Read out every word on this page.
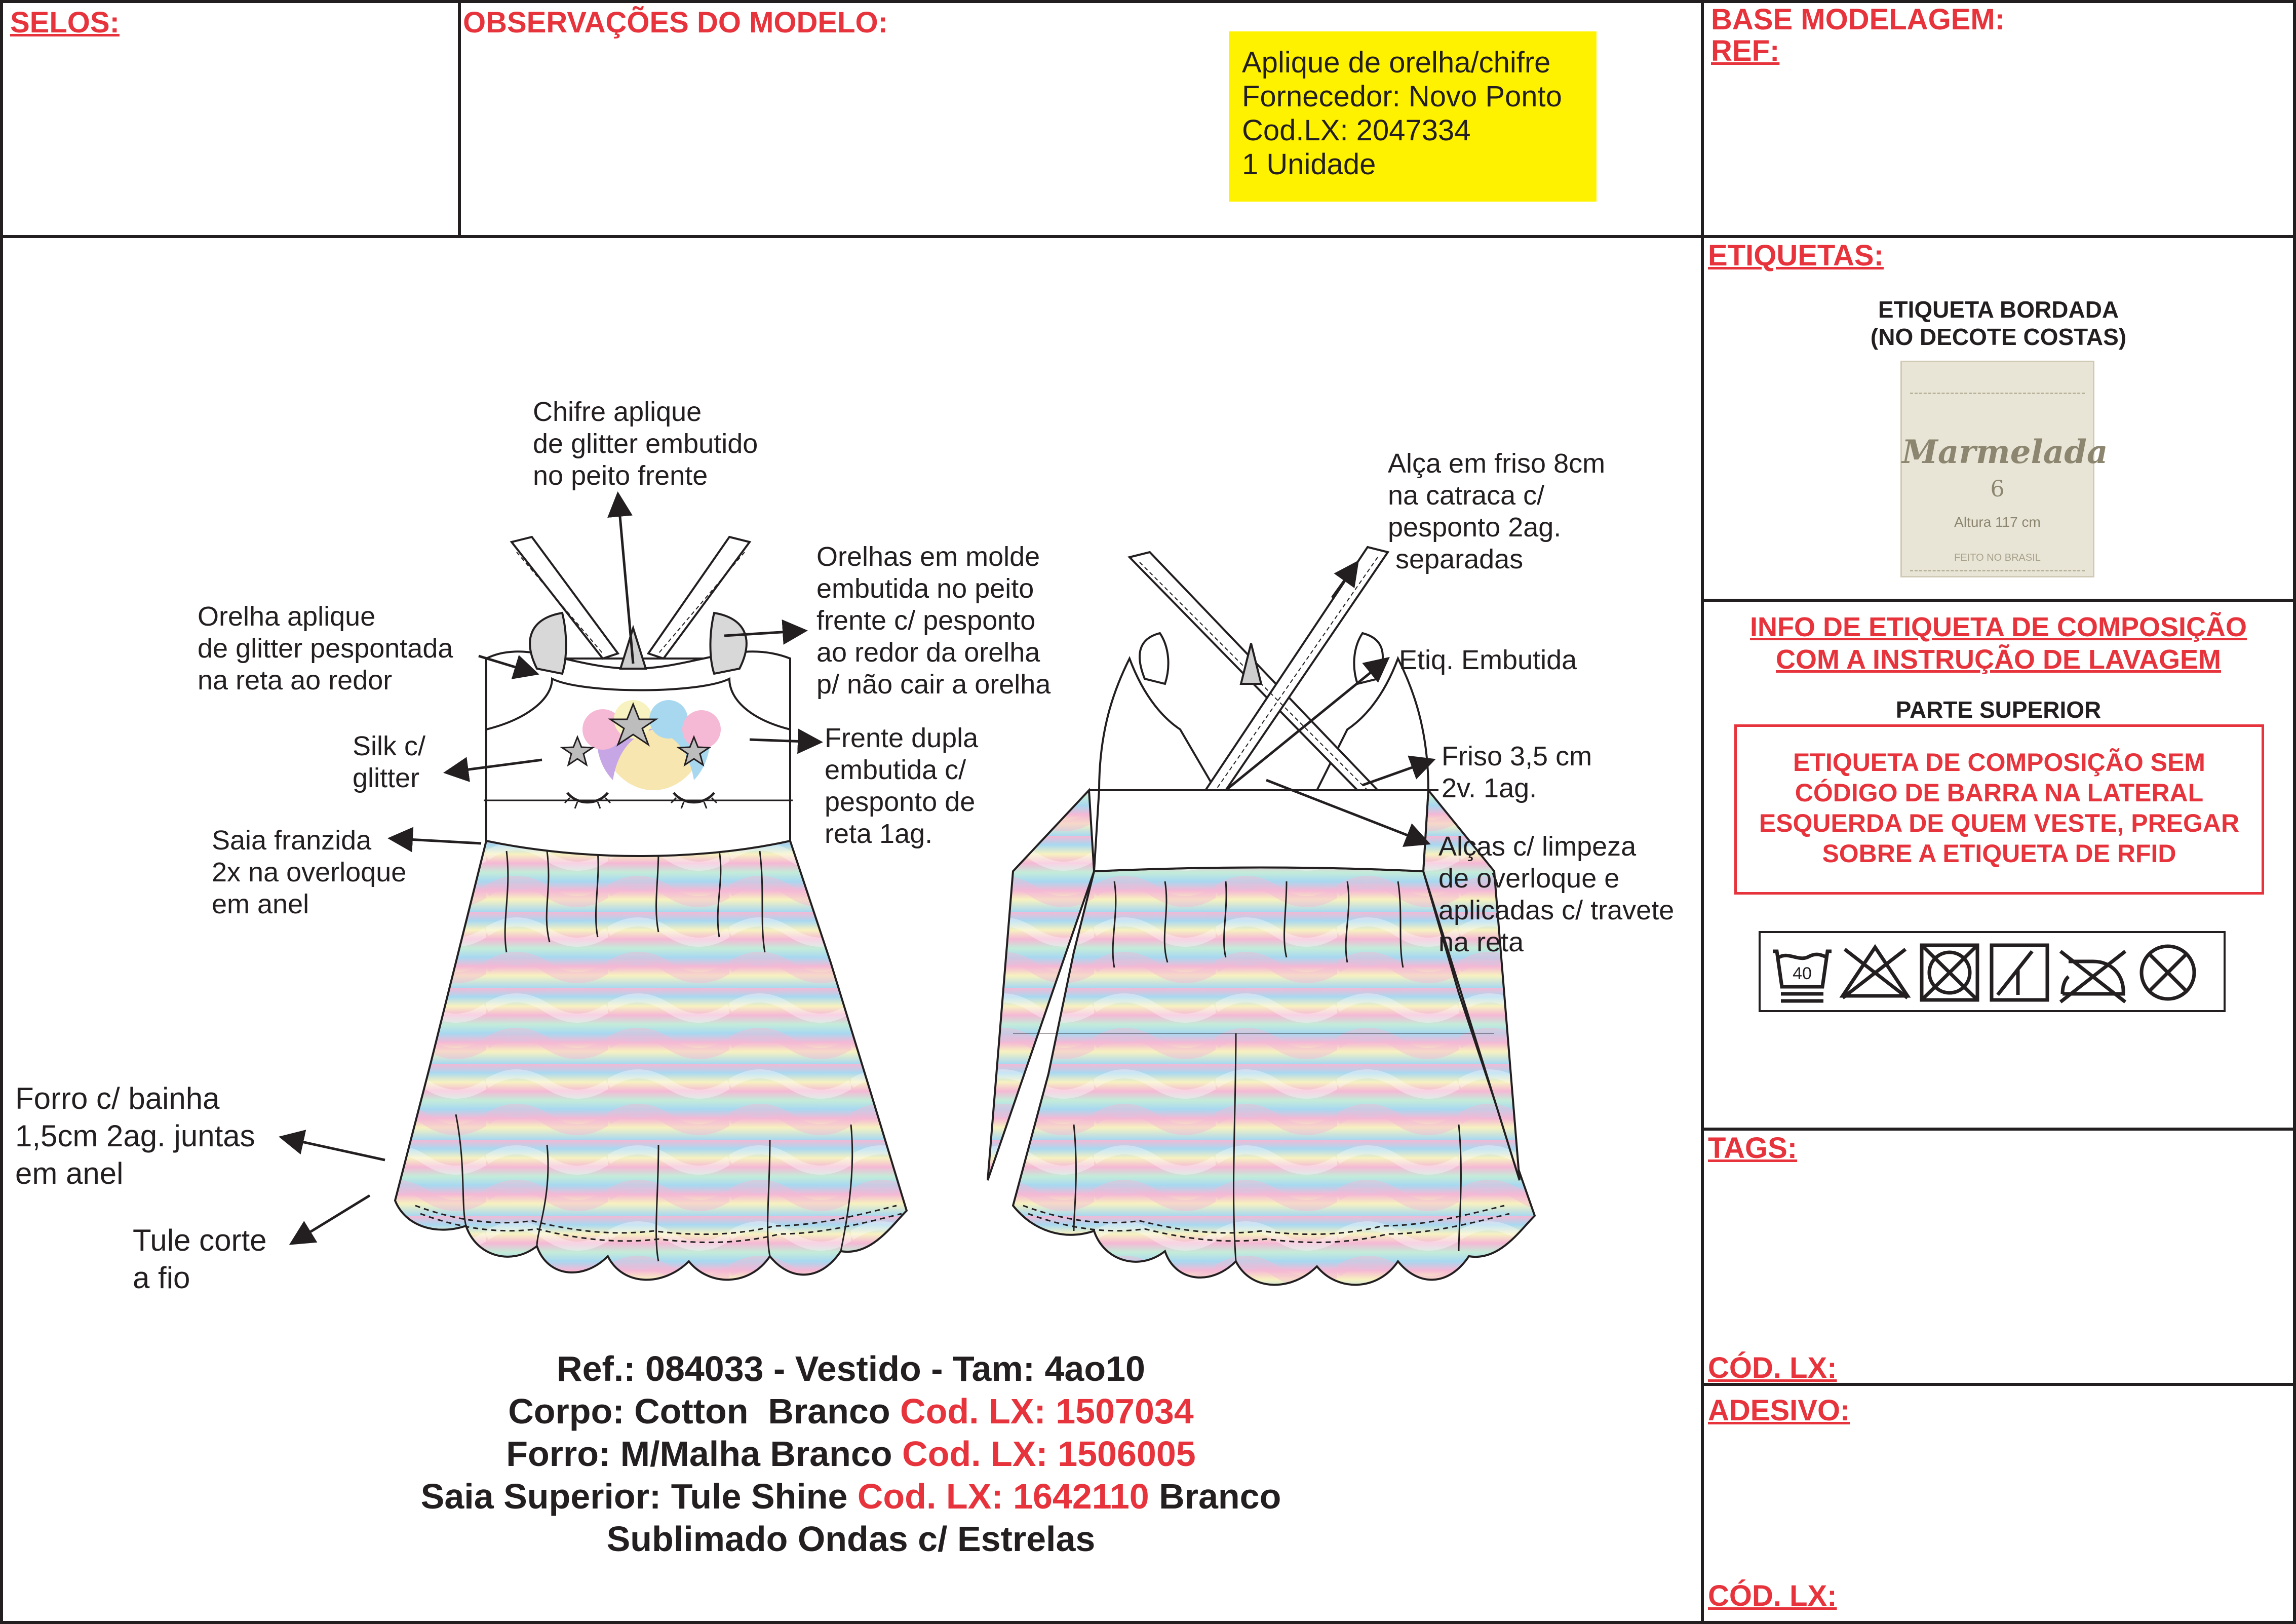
SELOS:	OBSERVAÇÕES DO MODELO:	BASE MODELAGEM:
REF:
Aplique de orelha/chifre
Fornecedor: Novo Ponto
Cod.LX: 2047334
1 Unidade
ETIQUETAS:
ETIQUETA BORDADA
(NO DECOTE COSTAS)
Marmelada
6
Altura 117 cm
FEITO NO BRASIL
INFO DE ETIQUETA DE COMPOSIÇÃO
COM A INSTRUÇÃO DE LAVAGEM
PARTE SUPERIOR
ETIQUETA DE COMPOSIÇÃO SEM
CÓDIGO DE BARRA NA LATERAL
ESQUERDA DE QUEM VESTE, PREGAR
SOBRE A ETIQUETA DE RFID
40
TAGS:
CÓD. LX:
ADESIVO:
CÓD. LX:
Chifre aplique
de glitter embutido
no peito frente
Orelha aplique
de glitter pespontada
na reta ao redor
Orelhas em molde
embutida no peito
frente c/ pesponto
ao redor da orelha
p/ não cair a orelha
Silk c/
glitter
Frente dupla
embutida c/
pesponto de
reta 1ag.
Saia franzida
2x na overloque
em anel
Forro c/ bainha
1,5cm 2ag. juntas
em anel
Tule corte
a fio
Alça em friso 8cm
na catraca c/
pesponto 2ag.
separadas
Etiq. Embutida
Friso 3,5 cm
2v. 1ag.
Alças c/ limpeza
de overloque e
aplicadas c/ travete
na reta
Ref.: 084033 - Vestido - Tam: 4ao10
Corpo: Cotton  Branco Cod. LX: 1507034
Forro: M/Malha Branco Cod. LX: 1506005
Saia Superior: Tule Shine Cod. LX: 1642110 Branco
Sublimado Ondas c/ Estrelas
